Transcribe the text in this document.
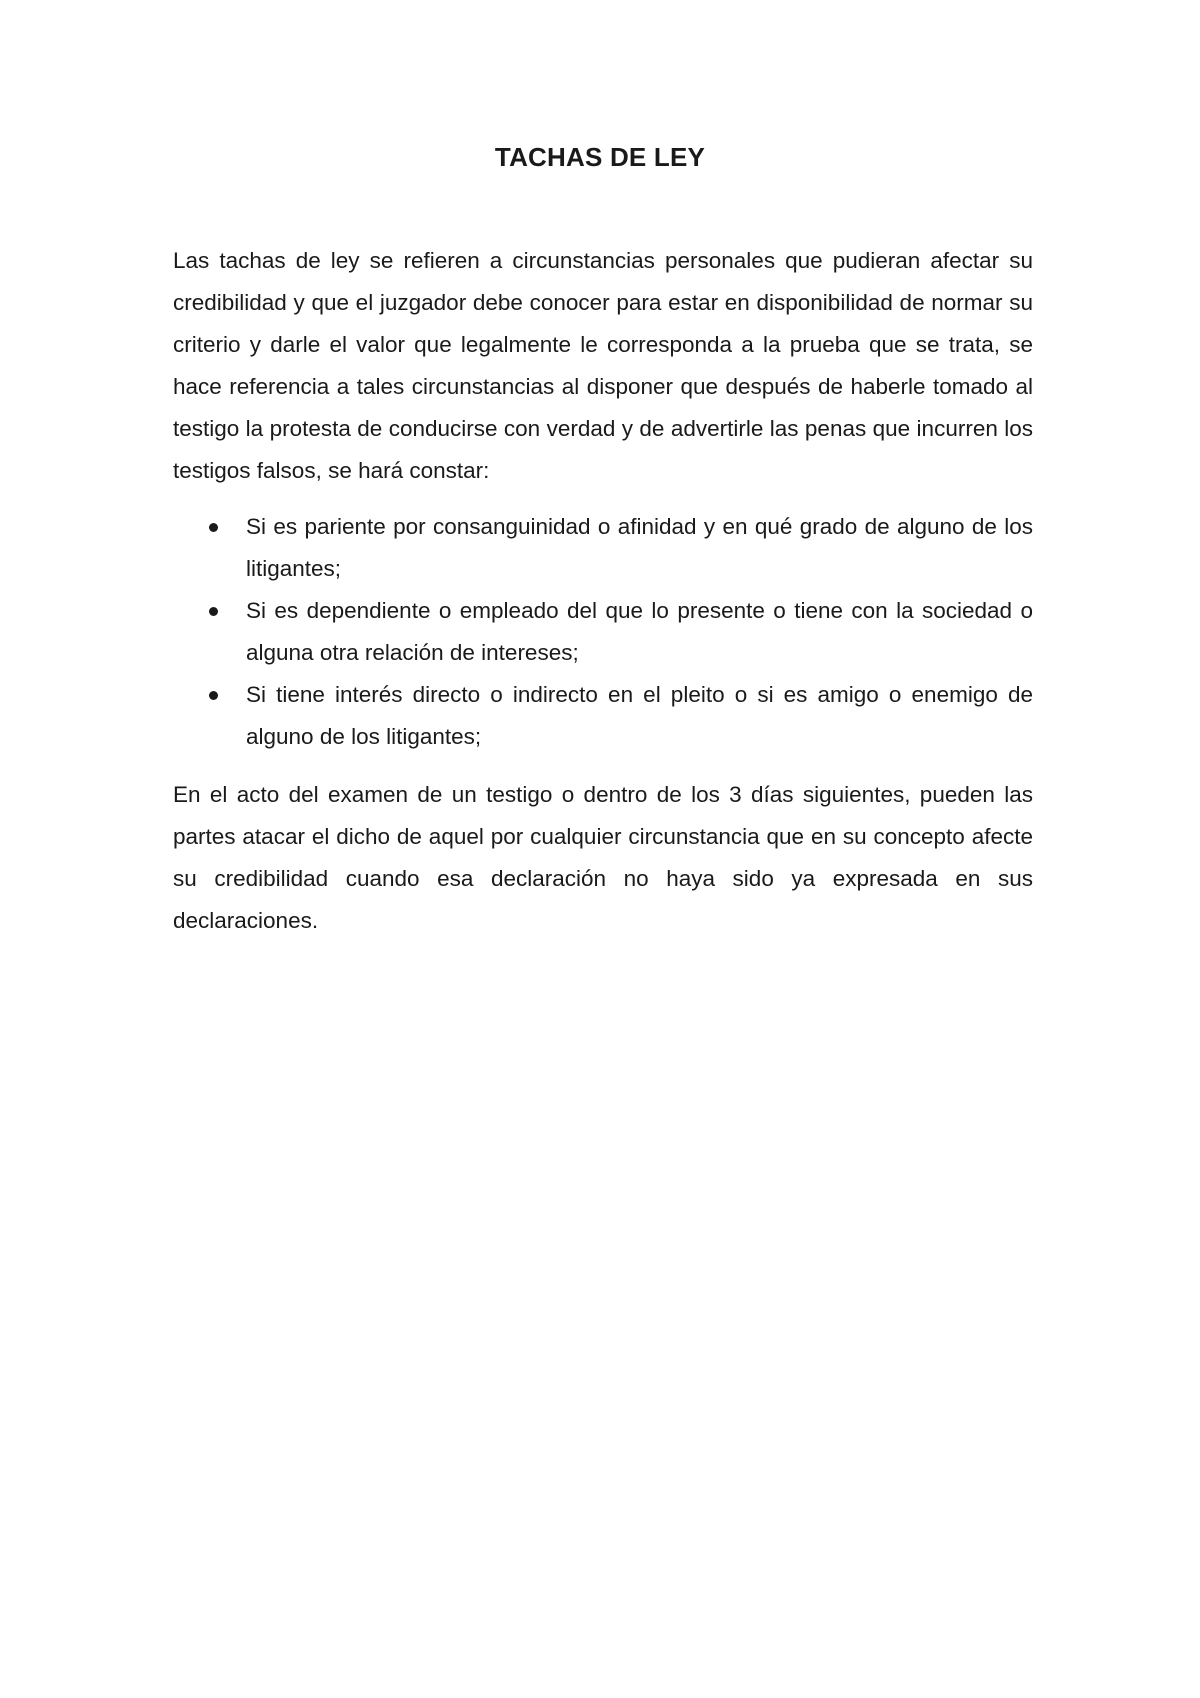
TACHAS DE LEY

Las tachas de ley se refieren a circunstancias personales que pudieran afectar su credibilidad y que el juzgador debe conocer para estar en disponibilidad de normar su criterio y darle el valor que legalmente le corresponda a la prueba que se trata, se hace referencia a tales circunstancias al disponer que después de haberle tomado al testigo la protesta de conducirse con verdad y de advertirle las penas que incurren los testigos falsos, se hará constar:

Si es pariente por consanguinidad o afinidad y en qué grado de alguno de los litigantes;
Si es dependiente o empleado del que lo presente o tiene con la sociedad o alguna otra relación de intereses;
Si tiene interés directo o indirecto en el pleito o si es amigo o enemigo de alguno de los litigantes;

En el acto del examen de un testigo o dentro de los 3 días siguientes, pueden las partes atacar el dicho de aquel por cualquier circunstancia que en su concepto afecte su credibilidad cuando esa declaración no haya sido ya expresada en sus declaraciones.
